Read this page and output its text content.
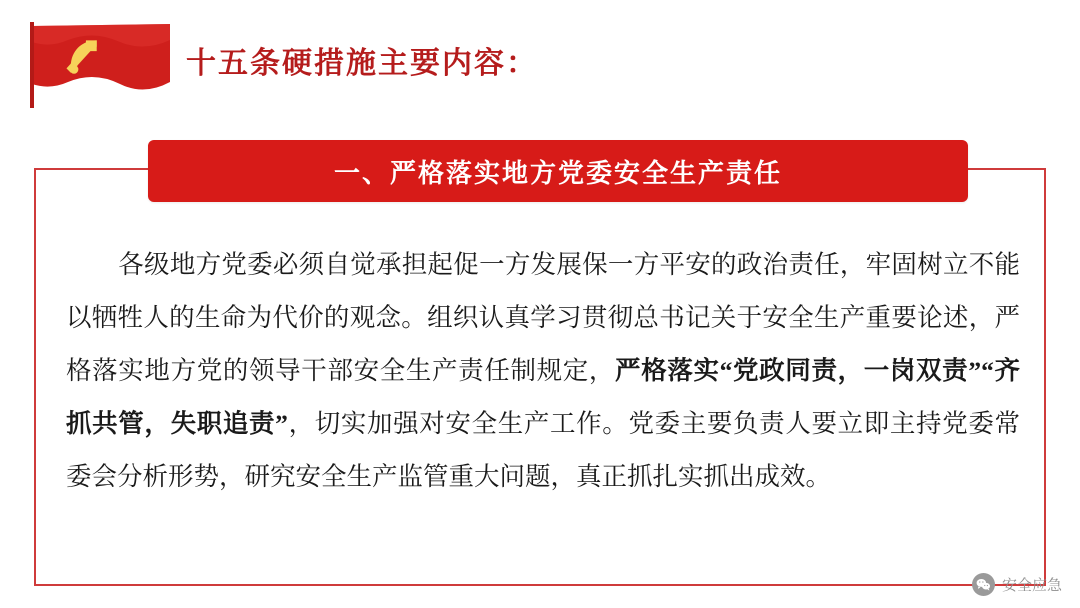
十五条硬措施主要内容：
一、严格落实地方党委安全生产责任
各级地方党委必须自觉承担起促一方发展保一方平安的政治责任，牢固树立不能以牺牲人的生命为代价的观念。组织认真学习贯彻总书记关于安全生产重要论述，严格落实地方党的领导干部安全生产责任制规定，严格落实“党政同责，一岗双责”“齐抓共管，失职追责”，切实加强对安全生产工作。党委主要负责人要立即主持党委常委会分析形势，研究安全生产监管重大问题，真正抓扎实抓出成效。
安全应急
